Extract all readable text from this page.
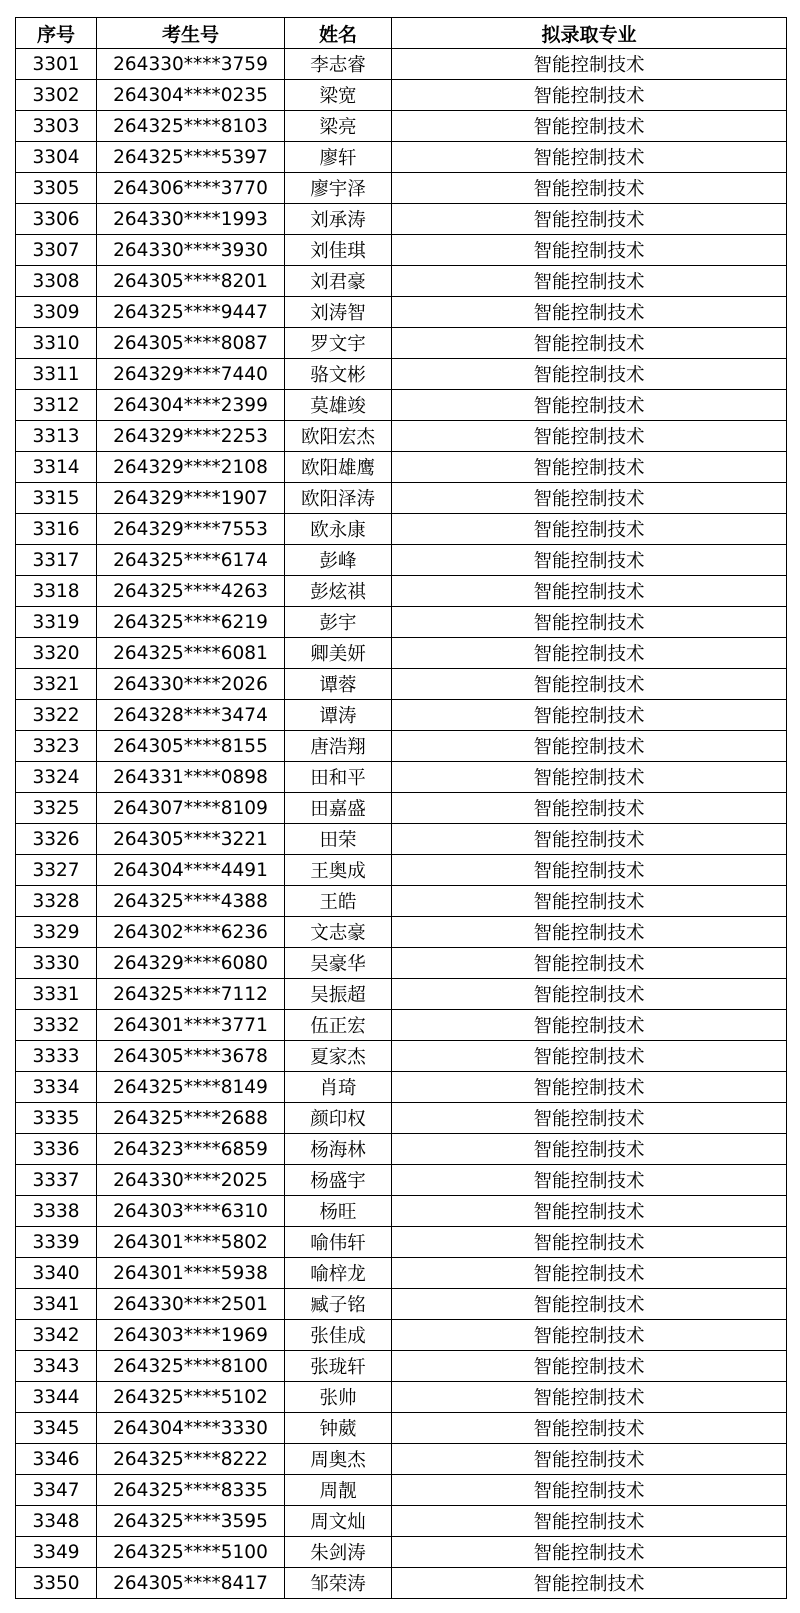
序号	考生号	姓名	拟录取专业
3301	264330****3759	李志睿	智能控制技术
3302	264304****0235	梁宽	智能控制技术
3303	264325****8103	梁亮	智能控制技术
3304	264325****5397	廖轩	智能控制技术
3305	264306****3770	廖宇泽	智能控制技术
3306	264330****1993	刘承涛	智能控制技术
3307	264330****3930	刘佳琪	智能控制技术
3308	264305****8201	刘君豪	智能控制技术
3309	264325****9447	刘涛智	智能控制技术
3310	264305****8087	罗文宇	智能控制技术
3311	264329****7440	骆文彬	智能控制技术
3312	264304****2399	莫雄竣	智能控制技术
3313	264329****2253	欧阳宏杰	智能控制技术
3314	264329****2108	欧阳雄鹰	智能控制技术
3315	264329****1907	欧阳泽涛	智能控制技术
3316	264329****7553	欧永康	智能控制技术
3317	264325****6174	彭峰	智能控制技术
3318	264325****4263	彭炫祺	智能控制技术
3319	264325****6219	彭宇	智能控制技术
3320	264325****6081	卿美妍	智能控制技术
3321	264330****2026	谭蓉	智能控制技术
3322	264328****3474	谭涛	智能控制技术
3323	264305****8155	唐浩翔	智能控制技术
3324	264331****0898	田和平	智能控制技术
3325	264307****8109	田嘉盛	智能控制技术
3326	264305****3221	田荣	智能控制技术
3327	264304****4491	王奥成	智能控制技术
3328	264325****4388	王皓	智能控制技术
3329	264302****6236	文志豪	智能控制技术
3330	264329****6080	吴豪华	智能控制技术
3331	264325****7112	吴振超	智能控制技术
3332	264301****3771	伍正宏	智能控制技术
3333	264305****3678	夏家杰	智能控制技术
3334	264325****8149	肖琦	智能控制技术
3335	264325****2688	颜印权	智能控制技术
3336	264323****6859	杨海林	智能控制技术
3337	264330****2025	杨盛宇	智能控制技术
3338	264303****6310	杨旺	智能控制技术
3339	264301****5802	喻伟轩	智能控制技术
3340	264301****5938	喻梓龙	智能控制技术
3341	264330****2501	臧子铭	智能控制技术
3342	264303****1969	张佳成	智能控制技术
3343	264325****8100	张珑轩	智能控制技术
3344	264325****5102	张帅	智能控制技术
3345	264304****3330	钟葳	智能控制技术
3346	264325****8222	周奥杰	智能控制技术
3347	264325****8335	周靓	智能控制技术
3348	264325****3595	周文灿	智能控制技术
3349	264325****5100	朱剑涛	智能控制技术
3350	264305****8417	邹荣涛	智能控制技术
